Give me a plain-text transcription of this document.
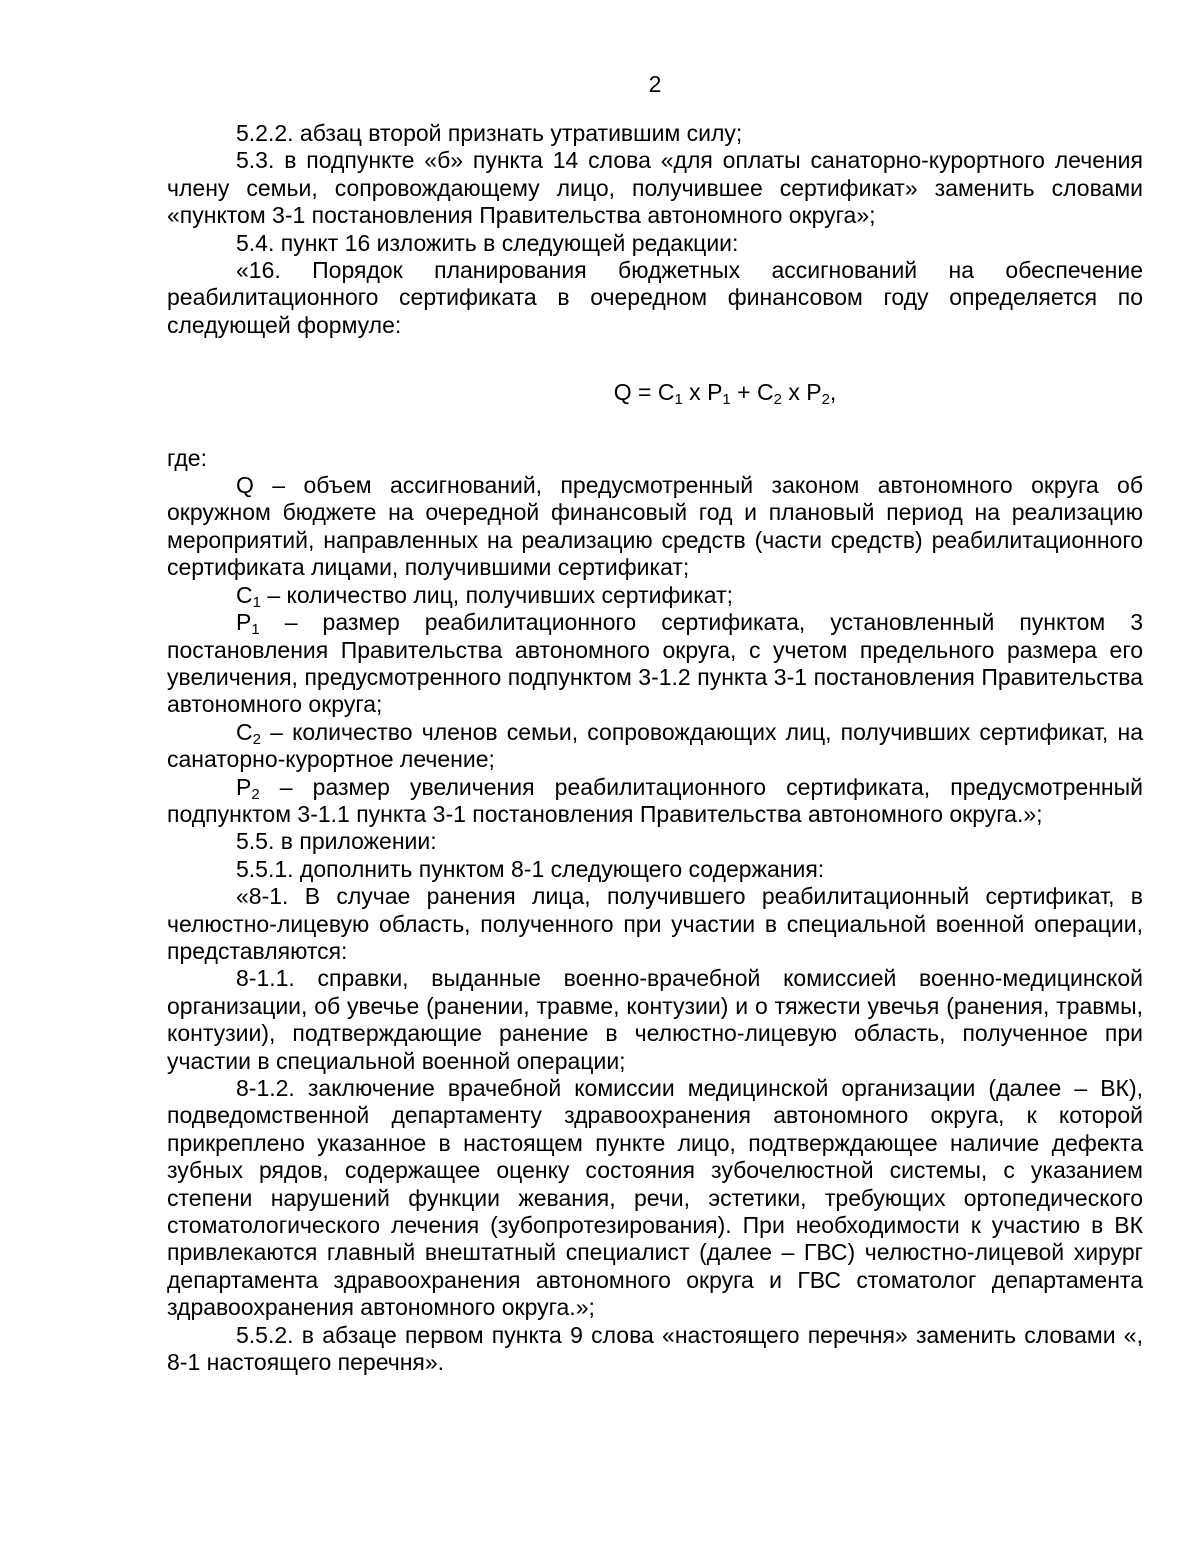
2

5.2.2. абзац второй признать утратившим силу;

5.3. в подпункте «б» пункта 14 слова «для оплаты санаторно-курортного лечения члену семьи, сопровождающему лицо, получившее сертификат» заменить словами «пунктом 3-1 постановления Правительства автономного округа»;

5.4. пункт 16 изложить в следующей редакции:

«16. Порядок планирования бюджетных ассигнований на обеспечение реабилитационного сертификата в очередном финансовом году определяется по следующей формуле:

$Q = C_1$ х $P_1 + C_2$ х $P_2$,

где:

Q – объем ассигнований, предусмотренный законом автономного округа об окружном бюджете на очередной финансовый год и плановый период на реализацию мероприятий, направленных на реализацию средств (части средств) реабилитационного сертификата лицами, получившими сертификат;

$C_1$ – количество лиц, получивших сертификат;

$P_1$ – размер реабилитационного сертификата, установленный пунктом 3 постановления Правительства автономного округа, с учетом предельного размера его увеличения, предусмотренного подпунктом 3-1.2 пункта 3-1 постановления Правительства автономного округа;

$C_2$ – количество членов семьи, сопровождающих лиц, получивших сертификат, на санаторно-курортное лечение;

$P_2$ – размер увеличения реабилитационного сертификата, предусмотренный подпунктом 3-1.1 пункта 3-1 постановления Правительства автономного округа.»;

5.5. в приложении:

5.5.1. дополнить пунктом 8-1 следующего содержания:

«8-1. В случае ранения лица, получившего реабилитационный сертификат, в челюстно-лицевую область, полученного при участии в специальной военной операции, представляются:

8-1.1. справки, выданные военно-врачебной комиссией военно-медицинской организации, об увечье (ранении, травме, контузии) и о тяжести увечья (ранения, травмы, контузии), подтверждающие ранение в челюстно-лицевую область, полученное при участии в специальной военной операции;

8-1.2. заключение врачебной комиссии медицинской организации (далее – ВК), подведомственной департаменту здравоохранения автономного округа, к которой прикреплено указанное в настоящем пункте лицо, подтверждающее наличие дефекта зубных рядов, содержащее оценку состояния зубочелюстной системы, с указанием степени нарушений функции жевания, речи, эстетики, требующих ортопедического стоматологического лечения (зубопротезирования). При необходимости к участию в ВК привлекаются главный внештатный специалист (далее – ГВС) челюстно-лицевой хирург департамента здравоохранения автономного округа и ГВС стоматолог департамента здравоохранения автономного округа.»;

5.5.2. в абзаце первом пункта 9 слова «настоящего перечня» заменить словами «, 8-1 настоящего перечня».
